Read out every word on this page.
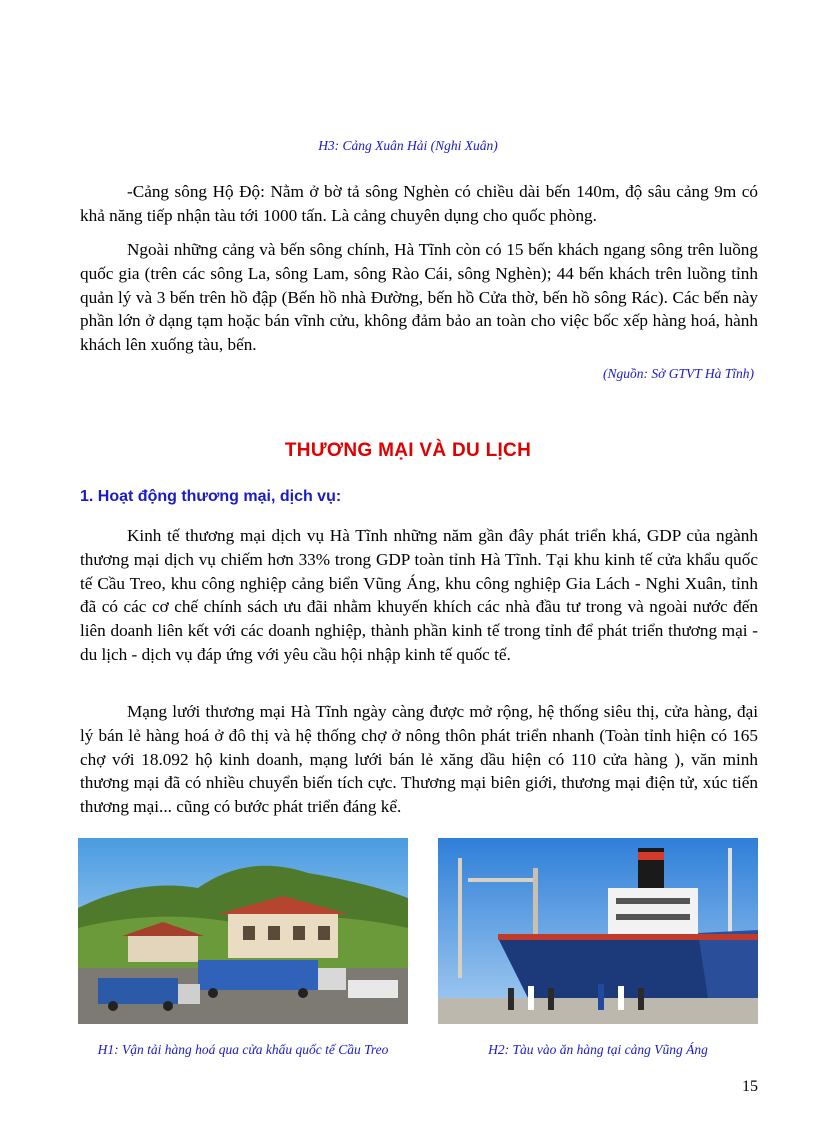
H3: Cảng Xuân Hải (Nghi Xuân)

-Cảng sông Hộ Độ: Nằm ở bờ tả sông Nghèn có chiều dài bến 140m, độ sâu cảng 9m có khả năng tiếp nhận tàu tới 1000 tấn. Là cảng chuyên dụng cho quốc phòng.

Ngoài những cảng và bến sông chính, Hà Tĩnh còn có 15 bến khách ngang sông trên luồng quốc gia (trên các sông La, sông Lam, sông Rào Cái, sông Nghèn); 44 bến khách trên luồng tỉnh quản lý và 3 bến trên hồ đập (Bến hồ nhà Đường, bến hồ Cửa thờ, bến hồ sông Rác). Các bến này phần lớn ở dạng tạm hoặc bán vĩnh cửu, không đảm bảo an toàn cho việc bốc xếp hàng hoá, hành khách lên xuống tàu, bến.

(Nguồn: Sở GTVT Hà Tĩnh)
THƯƠNG MẠI VÀ DU LỊCH
1. Hoạt động thương mại, dịch vụ:

Kinh tế thương mại dịch vụ Hà Tĩnh những năm gần đây phát triển khá, GDP của ngành thương mại dịch vụ chiếm hơn 33% trong GDP toàn tỉnh Hà Tĩnh. Tại khu kinh tế cửa khẩu quốc tế Cầu Treo, khu công nghiệp cảng biển Vũng Áng, khu công nghiệp Gia Lách - Nghi Xuân, tỉnh đã có các cơ chế chính sách ưu đãi nhằm khuyến khích các nhà đầu tư trong và ngoài nước đến liên doanh liên kết với các doanh nghiệp, thành phần kinh tế trong tỉnh để phát triển thương mại - du lịch - dịch vụ đáp ứng với yêu cầu hội nhập kinh tế quốc tế.

Mạng lưới thương mại Hà Tĩnh ngày càng được mở rộng, hệ thống siêu thị, cửa hàng, đại lý bán lẻ hàng hoá ở đô thị và hệ thống chợ ở nông thôn phát triển nhanh (Toàn tỉnh hiện có 165 chợ với 18.092 hộ kinh doanh, mạng lưới bán lẻ xăng dầu hiện có 110 cửa hàng ), văn minh thương mại đã có nhiều chuyển biến tích cực. Thương mại biên giới, thương mại điện tử, xúc tiến thương mại... cũng có bước phát triển đáng kể.

H1: Vận tải hàng hoá qua cửa khẩu quốc tế Cầu Treo	H2: Tàu vào ăn hàng tại cảng Vũng Áng
15
